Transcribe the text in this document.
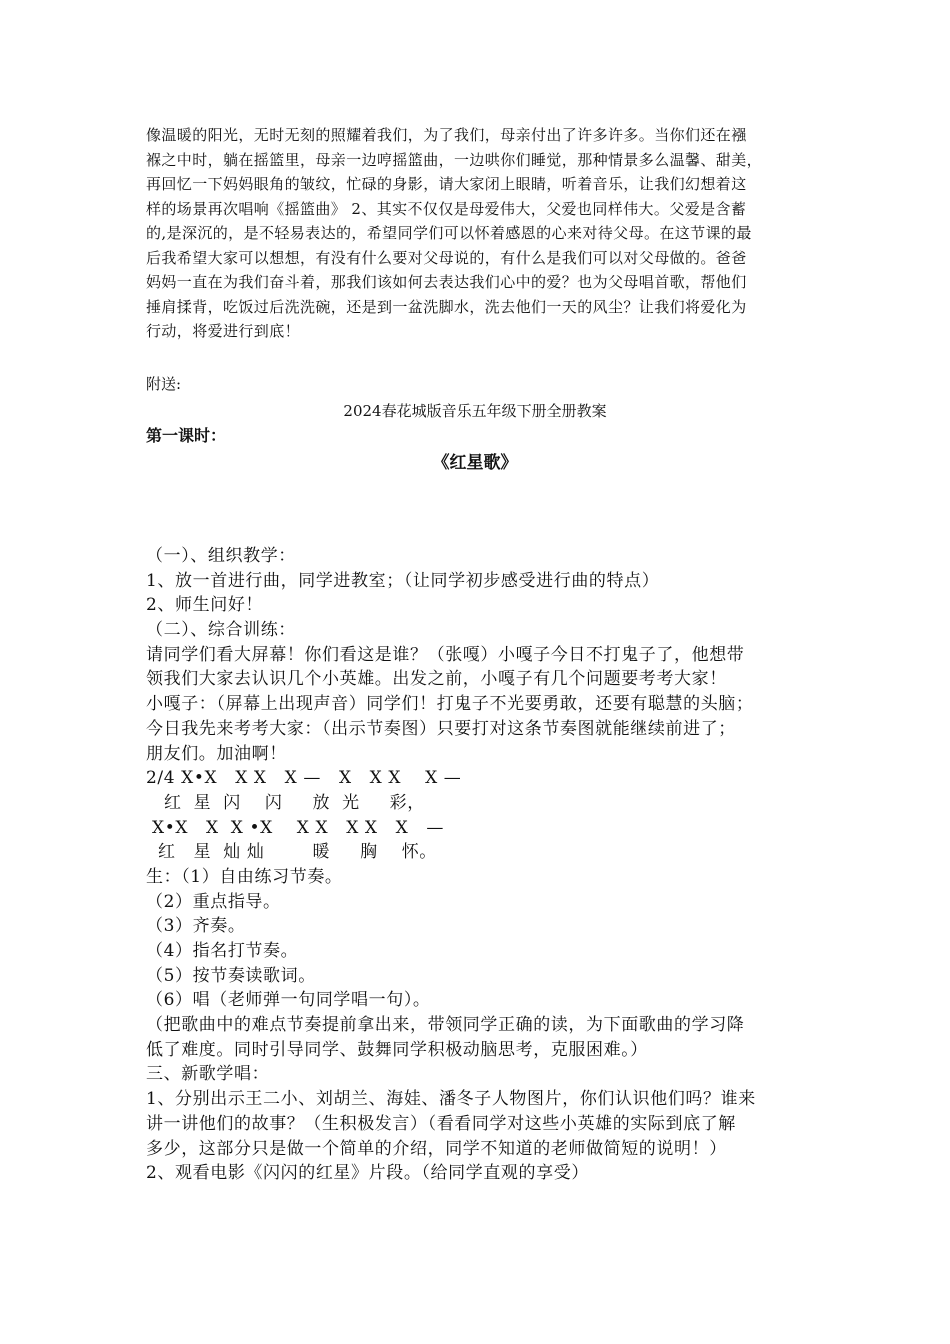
像温暖的阳光，无时无刻的照耀着我们，为了我们，母亲付出了许多许多。当你们还在襁
褓之中时，躺在摇篮里，母亲一边哼摇篮曲，一边哄你们睡觉，那种情景多么温馨、甜美，
再回忆一下妈妈眼角的皱纹，忙碌的身影，请大家闭上眼睛，听着音乐，让我们幻想着这
样的场景再次唱响《摇篮曲》 2、其实不仅仅是母爱伟大，父爱也同样伟大。父爱是含蓄
的,是深沉的，是不轻易表达的，希望同学们可以怀着感恩的心来对待父母。在这节课的最
后我希望大家可以想想，有没有什么要对父母说的，有什么是我们可以对父母做的。爸爸
妈妈一直在为我们奋斗着，那我们该如何去表达我们心中的爱？也为父母唱首歌，帮他们
捶肩揉背，吃饭过后洗洗碗，还是到一盆洗脚水，洗去他们一天的风尘？让我们将爱化为
行动，将爱进行到底！

附送:

2024春花城版音乐五年级下册全册教案

第一课时：

《红星歌》

（一）、组织教学：
1、放一首进行曲，同学进教室；（让同学初步感受进行曲的特点）
2、师生问好！
（二）、综合训练：
请同学们看大屏幕！你们看这是谁？（张嘎）小嘎子今日不打鬼子了，他想带
领我们大家去认识几个小英雄。出发之前，小嘎子有几个问题要考考大家！
小嘎子：（屏幕上出现声音）同学们！打鬼子不光要勇敢，还要有聪慧的头脑；
今日我先来考考大家：（出示节奏图）只要打对这条节奏图就能继续前进了；
朋友们。加油啊！
2/4 X•X   X X   X —   X   X X    X —
红  星  闪    闪     放  光     彩，
X•X   X  X •X    X X   X X   X   —
红   星  灿 灿        暖     胸    怀。
生：（1）自由练习节奏。
（2）重点指导。
（3）齐奏。
（4）指名打节奏。
（5）按节奏读歌词。
（6）唱（老师弹一句同学唱一句）。
（把歌曲中的难点节奏提前拿出来，带领同学正确的读，为下面歌曲的学习降
低了难度。同时引导同学、鼓舞同学积极动脑思考，克服困难。）
三、新歌学唱：
1、分别出示王二小、刘胡兰、海娃、潘冬子人物图片，你们认识他们吗？谁来
讲一讲他们的故事？（生积极发言）（看看同学对这些小英雄的实际到底了解
多少，这部分只是做一个简单的介绍，同学不知道的老师做简短的说明！）
2、观看电影《闪闪的红星》片段。（给同学直观的享受）
